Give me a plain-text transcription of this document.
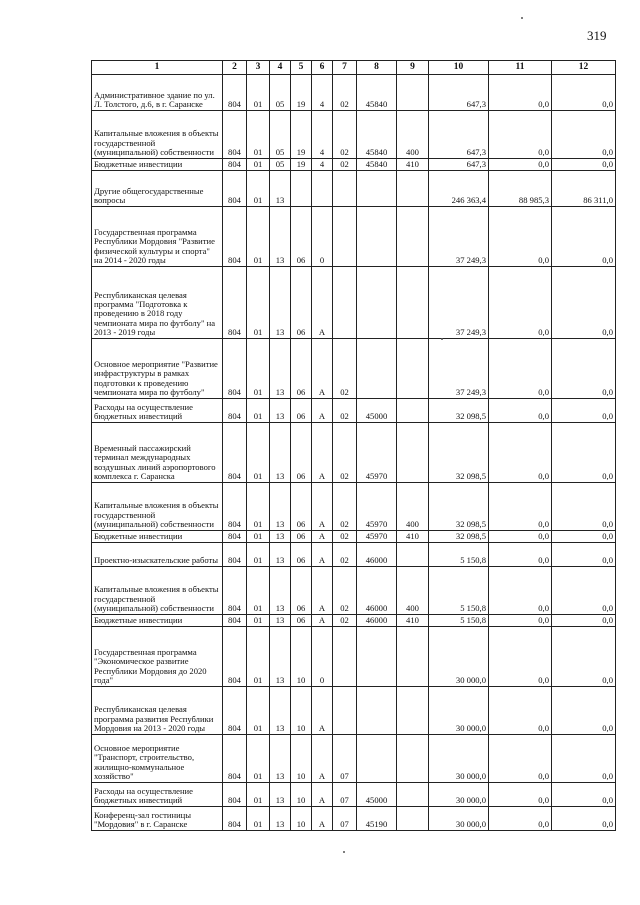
319
1	2	3	4	5	6	7	8	9	10	11	12
Административное здание по ул. Л. Толстого, д.6, в г. Саранске	804	01	05	19	4	02	45840		647,3	0,0	0,0
Капитальные вложения в объекты государственной (муниципальной) собственности	804	01	05	19	4	02	45840	400	647,3	0,0	0,0
Бюджетные инвестиции	804	01	05	19	4	02	45840	410	647,3	0,0	0,0
Другие общегосударственные вопросы	804	01	13						246 363,4	88 985,3	86 311,0
Государственная программа Республики Мордовия "Развитие физической культуры и спорта" на 2014 - 2020 годы	804	01	13	06	0				37 249,3	0,0	0,0
Республиканская целевая программа "Подготовка к проведению в 2018 году чемпионата мира по футболу" на 2013 - 2019 годы	804	01	13	06	А				37 249,3	0,0	0,0
Основное мероприятие "Развитие инфраструктуры в рамках подготовки к проведению чемпионата мира по футболу"	804	01	13	06	А	02			37 249,3	0,0	0,0
Расходы на осуществление бюджетных инвестиций	804	01	13	06	А	02	45000		32 098,5	0,0	0,0
Временный пассажирский терминал международных воздушных линий аэропортового комплекса г. Саранска	804	01	13	06	А	02	45970		32 098,5	0,0	0,0
Капитальные вложения в объекты государственной (муниципальной) собственности	804	01	13	06	А	02	45970	400	32 098,5	0,0	0,0
Бюджетные инвестиции	804	01	13	06	А	02	45970	410	32 098,5	0,0	0,0
Проектно-изыскательские работы	804	01	13	06	А	02	46000		5 150,8	0,0	0,0
Капитальные вложения в объекты государственной (муниципальной) собственности	804	01	13	06	А	02	46000	400	5 150,8	0,0	0,0
Бюджетные инвестиции	804	01	13	06	А	02	46000	410	5 150,8	0,0	0,0
Государственная программа "Экономическое развитие Республики Мордовия до 2020 года"	804	01	13	10	0				30 000,0	0,0	0,0
Республиканская целевая программа развития Республики Мордовия на 2013 - 2020 годы	804	01	13	10	А				30 000,0	0,0	0,0
Основное мероприятие "Транспорт, строительство, жилищно-коммунальное хозяйство"	804	01	13	10	А	07			30 000,0	0,0	0,0
Расходы на осуществление бюджетных инвестиций	804	01	13	10	А	07	45000		30 000,0	0,0	0,0
Конференц-зал гостиницы "Мордовия" в г. Саранске	804	01	13	10	А	07	45190		30 000,0	0,0	0,0
